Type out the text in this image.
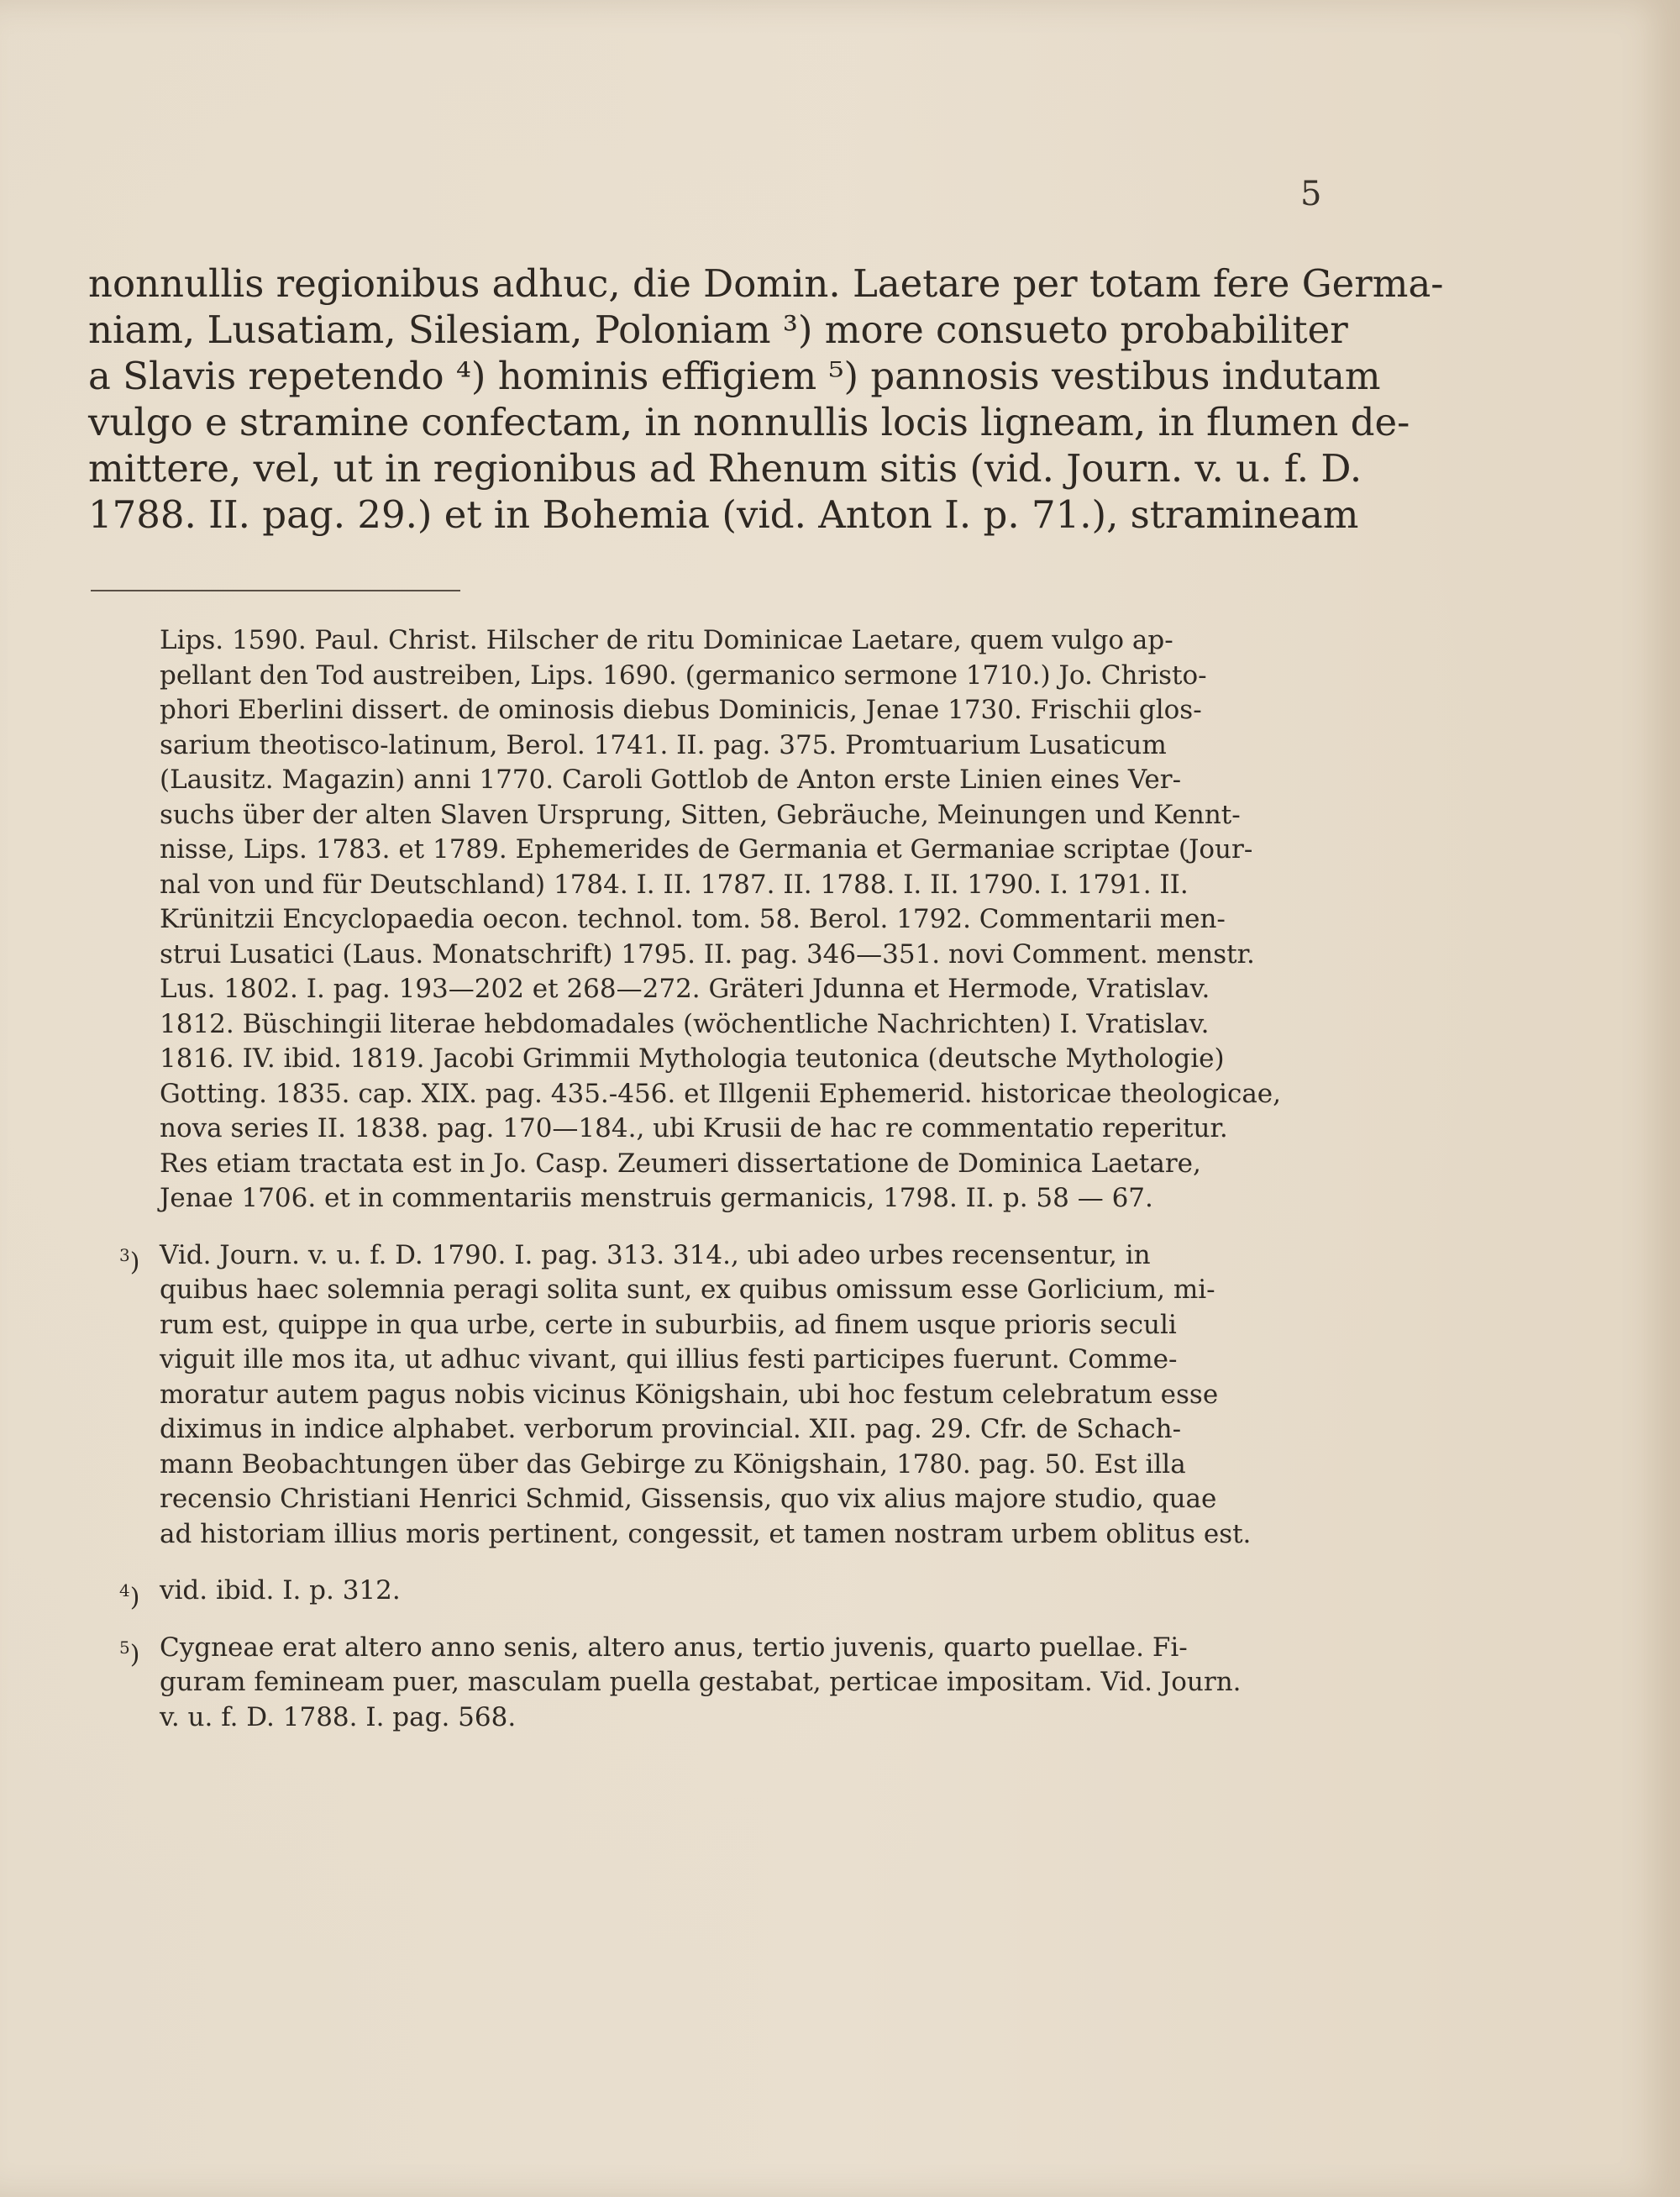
5
nonnullis regionibus adhuc, die Domin. Laetare per totam fere Germa-
niam, Lusatiam, Silesiam, Poloniam ³) more consueto probabiliter
a Slavis repetendo ⁴) hominis effigiem ⁵) pannosis vestibus indutam
vulgo e stramine confectam, in nonnullis locis ligneam, in flumen de-
mittere, vel, ut in regionibus ad Rhenum sitis (vid. Journ. v. u. f. D.
1788. II. pag. 29.) et in Bohemia (vid. Anton I. p. 71.), stramineam
Lips. 1590. Paul. Christ. Hilscher de ritu Dominicae Laetare, quem vulgo ap-
pellant den Tod austreiben, Lips. 1690. (germanico sermone 1710.) Jo. Christo-
phori Eberlini dissert. de ominosis diebus Dominicis, Jenae 1730. Frischii glos-
sarium theotisco-latinum, Berol. 1741. II. pag. 375. Promtuarium Lusaticum
(Lausitz. Magazin) anni 1770. Caroli Gottlob de Anton erste Linien eines Ver-
suchs über der alten Slaven Ursprung, Sitten, Gebräuche, Meinungen und Kennt-
nisse, Lips. 1783. et 1789. Ephemerides de Germania et Germaniae scriptae (Jour-
nal von und für Deutschland) 1784. I. II. 1787. II. 1788. I. II. 1790. I. 1791. II.
Krünitzii Encyclopaedia oecon. technol. tom. 58. Berol. 1792. Commentarii men-
strui Lusatici (Laus. Monatschrift) 1795. II. pag. 346—351. novi Comment. menstr.
Lus. 1802. I. pag. 193—202 et 268—272. Gräteri Jdunna et Hermode, Vratislav.
1812. Büschingii literae hebdomadales (wöchentliche Nachrichten) I. Vratislav.
1816. IV. ibid. 1819. Jacobi Grimmii Mythologia teutonica (deutsche Mythologie)
Gotting. 1835. cap. XIX. pag. 435.-456. et Illgenii Ephemerid. historicae theologicae,
nova series II. 1838. pag. 170—184., ubi Krusii de hac re commentatio reperitur.
Res etiam tractata est in Jo. Casp. Zeumeri dissertatione de Dominica Laetare,
Jenae 1706. et in commentariis menstruis germanicis, 1798. II. p. 58 — 67.
$^3$) Vid. Journ. v. u. f. D. 1790. I. pag. 313. 314., ubi adeo urbes recensentur, in
quibus haec solemnia peragi solita sunt, ex quibus omissum esse Gorlicium, mi-
rum est, quippe in qua urbe, certe in suburbiis, ad finem usque prioris seculi
viguit ille mos ita, ut adhuc vivant, qui illius festi participes fuerunt. Comme-
moratur autem pagus nobis vicinus Königshain, ubi hoc festum celebratum esse
diximus in indice alphabet. verborum provincial. XII. pag. 29. Cfr. de Schach-
mann Beobachtungen über das Gebirge zu Königshain, 1780. pag. 50. Est illa
recensio Christiani Henrici Schmid, Gissensis, quo vix alius majore studio, quae
ad historiam illius moris pertinent, congessit, et tamen nostram urbem oblitus est.
$^4$) vid. ibid. I. p. 312.
$^5$) Cygneae erat altero anno senis, altero anus, tertio juvenis, quarto puellae. Fi-
guram femineam puer, masculam puella gestabat, perticae impositam. Vid. Journ.
v. u. f. D. 1788. I. pag. 568.
